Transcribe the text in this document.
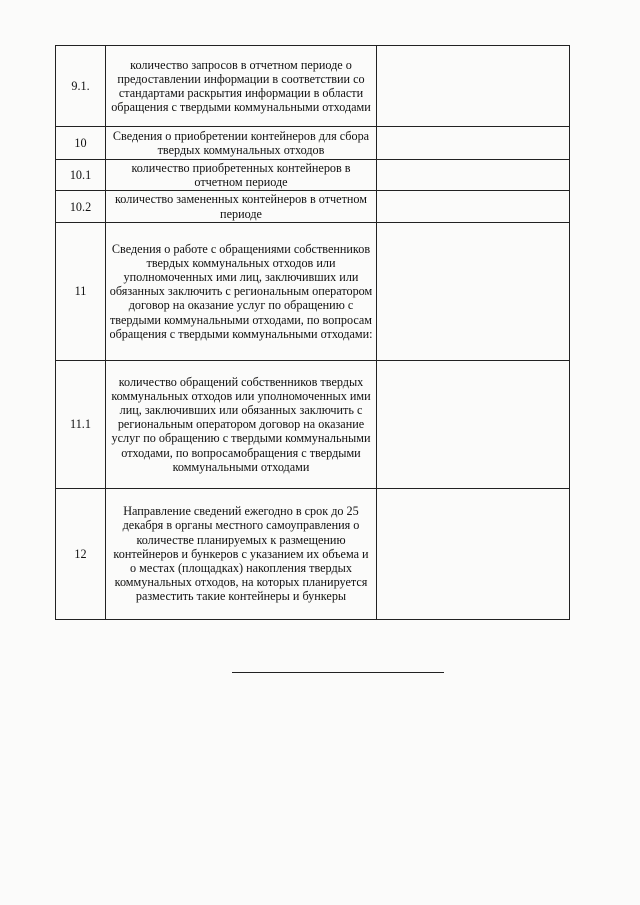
9.1.	количество запросов в отчетном периоде о предоставлении информации в соответствии со стандартами раскрытия информации в области обращения с твердыми коммунальными отходами	
10	Сведения о приобретении контейнеров для сбора твердых коммунальных отходов	
10.1	количество приобретенных контейнеров в отчетном периоде	
10.2	количество замененных контейнеров в отчетном периоде	
11	Сведения о работе с обращениями собственников твердых коммунальных отходов или уполномоченных ими лиц, заключивших или обязанных заключить с региональным оператором договор на оказание услуг по обращению с твердыми коммунальными отходами, по вопросам обращения с твердыми коммунальными отходами:	
11.1	количество обращений собственников твердых коммунальных отходов или уполномоченных ими лиц, заключивших или обязанных заключить с региональным оператором договор на оказание услуг по обращению с твердыми коммунальными отходами, по вопросамобращения с твердыми коммунальными отходами	
12	Направление сведений ежегодно в срок до 25 декабря в органы местного самоуправления о количестве планируемых к размещению контейнеров и бункеров с указанием их объема и о местах (площадках) накопления твердых коммунальных отходов, на которых планируется разместить такие контейнеры и бункеры	
